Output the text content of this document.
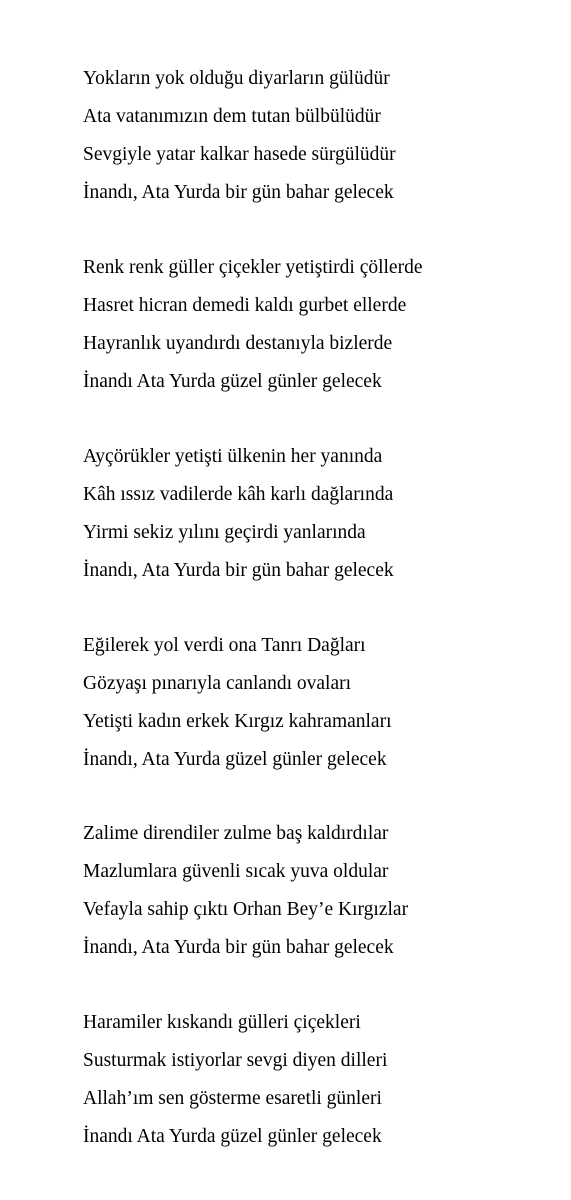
Yokların yok olduğu diyarların gülüdür
Ata vatanımızın dem tutan bülbülüdür
Sevgiyle yatar kalkar hasede sürgülüdür
İnandı, Ata Yurda bir gün bahar gelecek
Renk renk güller çiçekler yetiştirdi çöllerde
Hasret hicran demedi kaldı gurbet ellerde
Hayranlık uyandırdı destanıyla bizlerde
İnandı Ata Yurda güzel günler gelecek
Ayçörükler yetişti ülkenin her yanında
Kâh ıssız vadilerde kâh karlı dağlarında
Yirmi sekiz yılını geçirdi yanlarında
İnandı, Ata Yurda bir gün bahar gelecek
Eğilerek yol verdi ona Tanrı Dağları
Gözyaşı pınarıyla canlandı ovaları
Yetişti kadın erkek Kırgız kahramanları
İnandı, Ata Yurda güzel günler gelecek
Zalime direndiler zulme baş kaldırdılar
Mazlumlara güvenli sıcak yuva oldular
Vefayla sahip çıktı Orhan Bey’e Kırgızlar
İnandı, Ata Yurda bir gün bahar gelecek
Haramiler kıskandı gülleri çiçekleri
Susturmak istiyorlar sevgi diyen dilleri
Allah’ım sen gösterme esaretli günleri
İnandı Ata Yurda güzel günler gelecek
